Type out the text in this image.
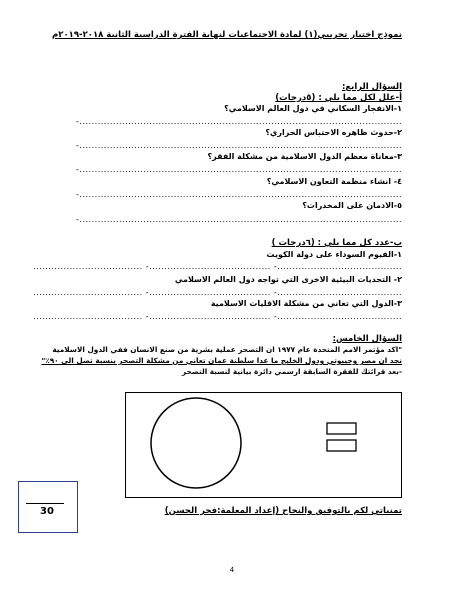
نموذج اختبار تجريبي(١) لمادة الاجتماعيات لنهاية الفترة الدراسية الثانية ٢٠١٨-٢٠١٩م
السؤال الرابع:
أ-علل لكل مما يلي : (٥درجات)
١-الانفجار السكاني في دول العالم الاسلامي؟
..........................................................................................................-
٢-حدوث ظاهره الاحتباس الحراري؟
..........................................................................................................-
٣-معاناة معظم الدول الاسلامية من مشكلة الفقر؟
..........................................................................................................-
٤- انشاء منظمة التعاون الاسلامي؟
..........................................................................................................-
٥-الادمان على المخدرات؟
..........................................................................................................-
ب-عدد كل مما يلي : (٦درجات )
١-الفيوم السوداء على دولة الكويت
.........................................- ........................................- ....................................
٢- التحديات البيئية الاخرى التي تواجه دول العالم الاسلامي
.........................................- ........................................- ....................................
٣-الدول التي تعاني من مشكلة الاقليات الاسلامية
.........................................- ........................................- ....................................
السؤال الخامس:
"اكد مؤتمر الامم المتحدة عام ١٩٧٧ ان التصحر عملية بشرية من صنع الانسان ففي الدول الاسلامية
نجد ان مصر وجيبوتي ودول الخليج ما عدا سلطنة عمان تعاني من مشكلة التصحر بنسبة تصل الى ٩٠٪"
-بعد قرائتك للفقرة السابقة ارسمي دائرة بيانية لنسبة التصحر
تمنياتي لكم بالتوفيق والنجاح (إعداد المعلمة:فجر الحسن)
30
4
